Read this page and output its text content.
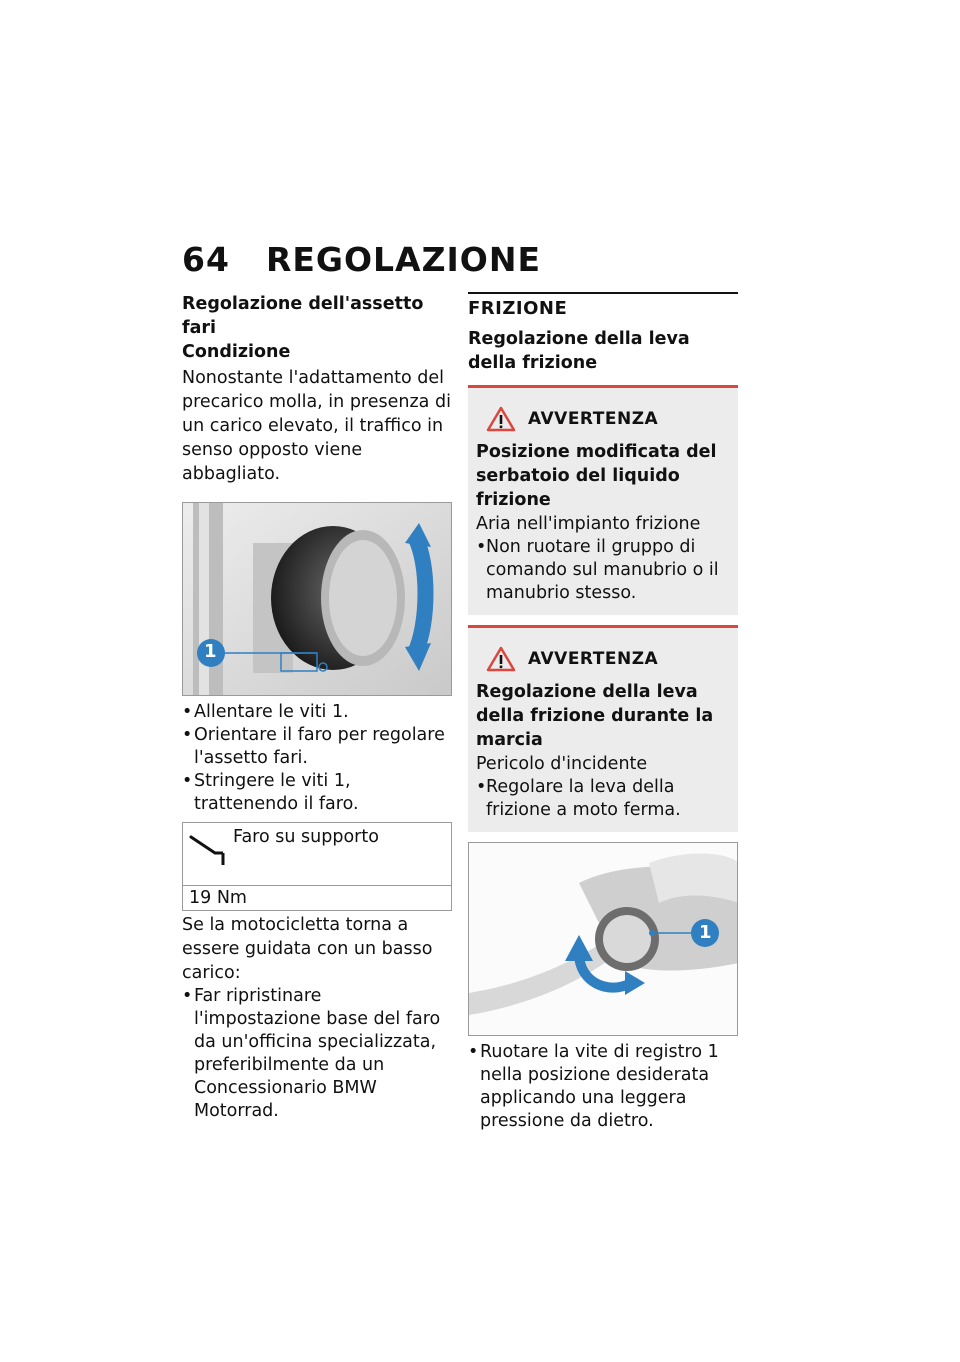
64 REGOLAZIONE
Regolazione dell'assetto fari
Condizione
Nonostante l'adattamento del precarico molla, in presenza di un carico elevato, il traffico in senso opposto viene abbagliato.
1
• Allentare le viti 1.
• Orientare il faro per regolare l'assetto fari.
• Stringere le viti 1, trattenendo il faro.
Faro su supporto
19 Nm
Se la motocicletta torna a essere guidata con un basso carico:
• Far ripristinare l'impostazione base del faro da un'officina specializzata, preferibilmente da un Concessionario BMW Motorrad.
FRIZIONE
Regolazione della leva della frizione
AVVERTENZA
Posizione modificata del serbatoio del liquido frizione
Aria nell'impianto frizione
• Non ruotare il gruppo di comando sul manubrio o il manubrio stesso.
AVVERTENZA
Regolazione della leva della frizione durante la marcia
Pericolo d'incidente
• Regolare la leva della frizione a moto ferma.
1
• Ruotare la vite di registro 1 nella posizione desiderata applicando una leggera pressione da dietro.
